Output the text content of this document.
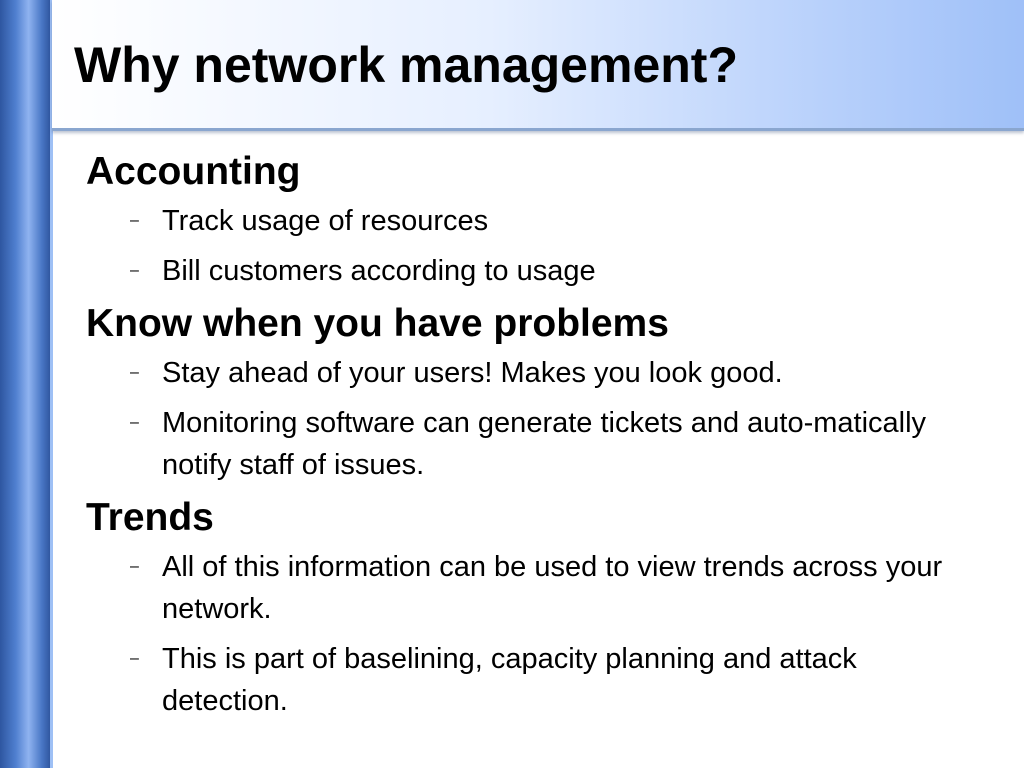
Why network management?
Accounting
– Track usage of resources
– Bill customers according to usage
Know when you have problems
– Stay ahead of your users! Makes you look good.
– Monitoring software can generate tickets and auto-matically notify staff of issues.
Trends
– All of this information can be used to view trends across your network.
– This is part of baselining, capacity planning and attack detection.
